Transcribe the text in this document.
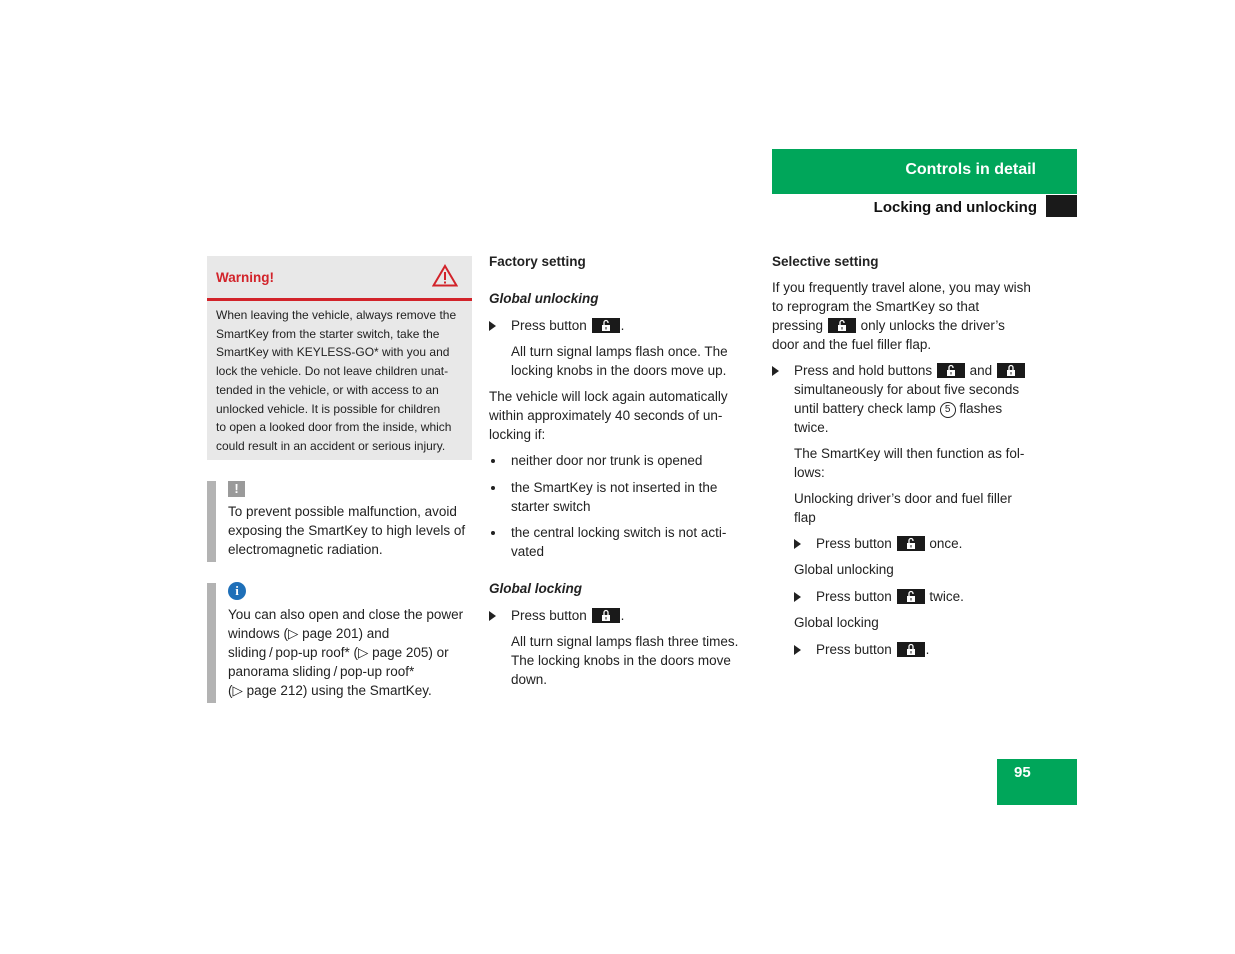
Controls in detail
Locking and unlocking
Warning!
When leaving the vehicle, always remove the
SmartKey from the starter switch, take the
SmartKey with KEYLESS-GO* with you and
lock the vehicle. Do not leave children unat-
tended in the vehicle, or with access to an
unlocked vehicle. It is possible for children
to open a looked door from the inside, which
could result in an accident or serious injury.
!
To prevent possible malfunction, avoid
exposing the SmartKey to high levels of
electromagnetic radiation.
i
You can also open and close the power
windows (▷ page 201) and
sliding / pop-up roof* (▷ page 205) or
panorama sliding / pop-up roof*
(▷ page 212) using the SmartKey.
Factory setting
Global unlocking
Press button	.
All turn signal lamps flash once. The
locking knobs in the doors move up.
The vehicle will lock again automatically
within approximately 40 seconds of un-
locking if:
neither door nor trunk is opened
the SmartKey is not inserted in the
starter switch
the central locking switch is not acti-
vated
Global locking
Press button	.
All turn signal lamps flash three times.
The locking knobs in the doors move
down.
Selective setting
If you frequently travel alone, you may wish
to reprogram the SmartKey so that
pressing	only unlocks the driver’s
door and the fuel filler flap.
Press and hold buttons	and
simultaneously for about five seconds
until battery check lamp 5 flashes
twice.
The SmartKey will then function as fol-
lows:
Unlocking driver’s door and fuel filler
flap
Press button	once.
Global unlocking
Press button	twice.
Global locking
Press button	.
95
